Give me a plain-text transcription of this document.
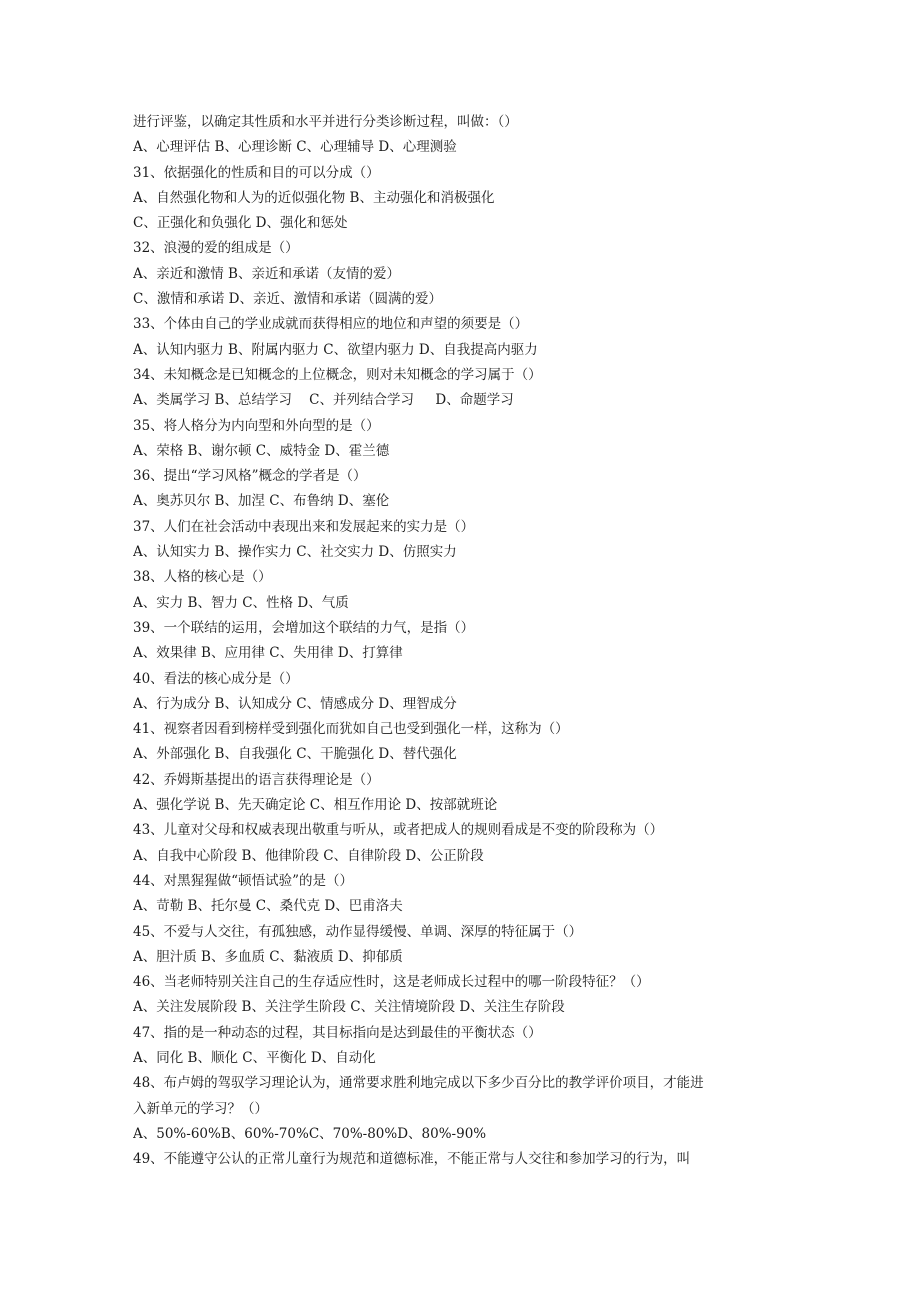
进行评鉴，以确定其性质和水平并进行分类诊断过程，叫做：（）
A、心理评估 B、心理诊断 C、心理辅导 D、心理测验
31、依据强化的性质和目的可以分成（）
A、自然强化物和人为的近似强化物 B、主动强化和消极强化
C、正强化和负强化 D、强化和惩处
32、浪漫的爱的组成是（）
A、亲近和激情 B、亲近和承诺（友情的爱）
C、激情和承诺 D、亲近、激情和承诺（圆满的爱）
33、个体由自己的学业成就而获得相应的地位和声望的须要是（）
A、认知内驱力 B、附属内驱力 C、欲望内驱力 D、自我提高内驱力
34、未知概念是已知概念的上位概念，则对未知概念的学习属于（）
A、类属学习 B、总结学习    C、并列结合学习     D、命题学习
35、将人格分为内向型和外向型的是（）
A、荣格 B、谢尔顿 C、威特金 D、霍兰德
36、提出“学习风格”概念的学者是（）
A、奥苏贝尔 B、加涅 C、布鲁纳 D、塞伦
37、人们在社会活动中表现出来和发展起来的实力是（）
A、认知实力 B、操作实力 C、社交实力 D、仿照实力
38、人格的核心是（）
A、实力 B、智力 C、性格 D、气质
39、一个联结的运用，会增加这个联结的力气，是指（）
A、效果律 B、应用律 C、失用律 D、打算律
40、看法的核心成分是（）
A、行为成分 B、认知成分 C、情感成分 D、理智成分
41、视察者因看到榜样受到强化而犹如自己也受到强化一样，这称为（）
A、外部强化 B、自我强化 C、干脆强化 D、替代强化
42、乔姆斯基提出的语言获得理论是（）
A、强化学说 B、先天确定论 C、相互作用论 D、按部就班论
43、儿童对父母和权威表现出敬重与听从，或者把成人的规则看成是不变的阶段称为（）
A、自我中心阶段 B、他律阶段 C、自律阶段 D、公正阶段
44、对黑猩猩做“顿悟试验”的是（）
A、苛勒 B、托尔曼 C、桑代克 D、巴甫洛夫
45、不爱与人交往，有孤独感，动作显得缓慢、单调、深厚的特征属于（）
A、胆汁质 B、多血质 C、黏液质 D、抑郁质
46、当老师特别关注自己的生存适应性时，这是老师成长过程中的哪一阶段特征？（）
A、关注发展阶段 B、关注学生阶段 C、关注情境阶段 D、关注生存阶段
47、指的是一种动态的过程，其目标指向是达到最佳的平衡状态（）
A、同化 B、顺化 C、平衡化 D、自动化
48、布卢姆的驾驭学习理论认为，通常要求胜利地完成以下多少百分比的教学评价项目，才能进
入新单元的学习？（）
A、50%-60%B、60%-70%C、70%-80%D、80%-90%
49、不能遵守公认的正常儿童行为规范和道德标准，不能正常与人交往和参加学习的行为，叫
